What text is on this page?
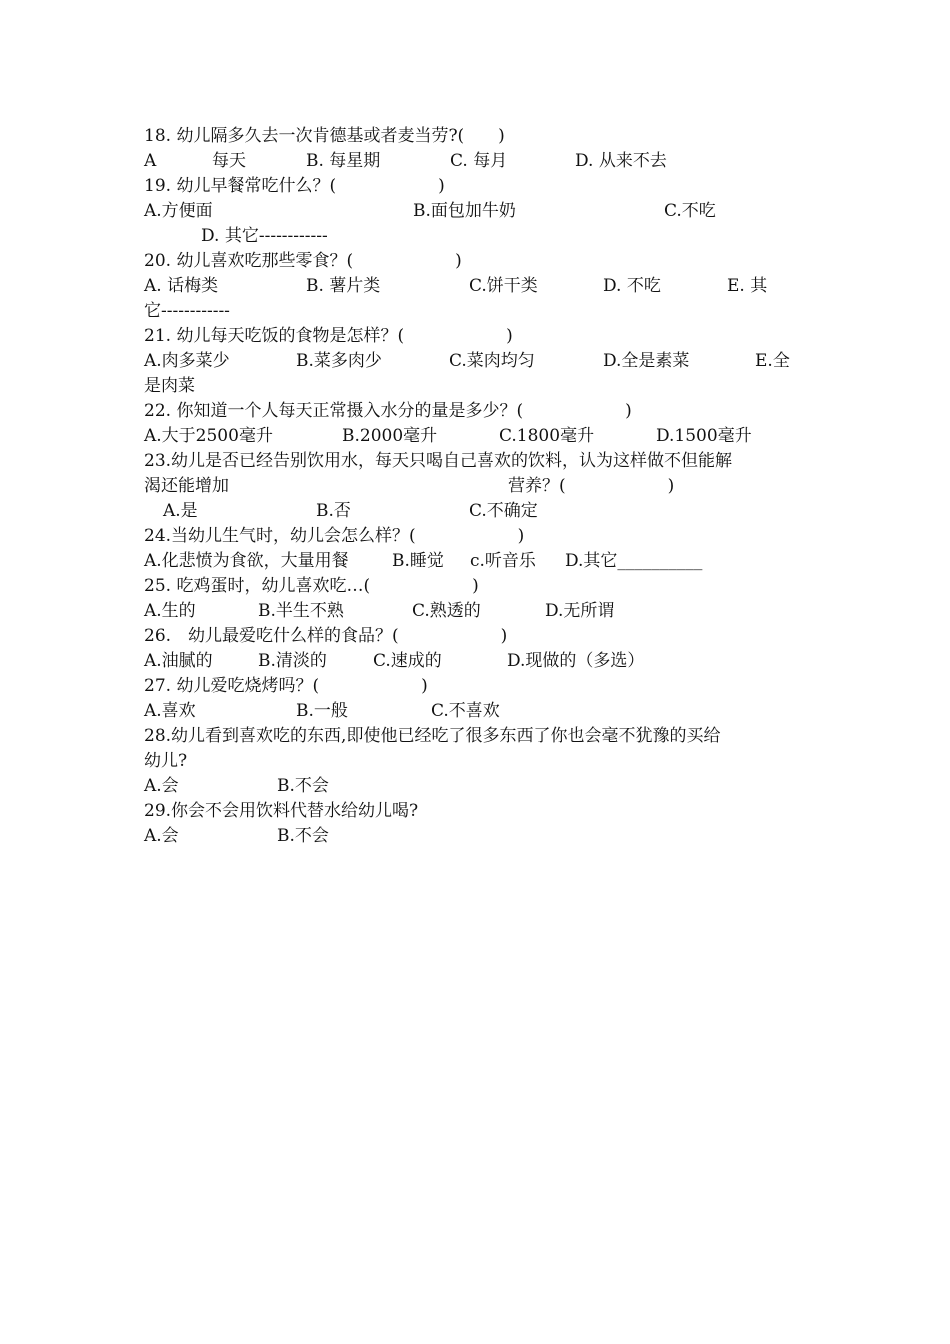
18. 幼儿隔多久去一次肯德基或者麦当劳?(　　)

A

	每天

	B. 每星期

	C. 每月

	D. 从来不去

19. 幼儿早餐常吃什么？(　　　　　　)

A.方便面

	B.面包加牛奶

	C.不吃

D. 其它------------

20. 幼儿喜欢吃那些零食？(　　　　　　)

A. 话梅类

	B. 薯片类

	C.饼干类

	D. 不吃

	E. 其

它------------
21. 幼儿每天吃饭的食物是怎样？(　　　　　　)

A.肉多菜少

	B.菜多肉少

	C.菜肉均匀

	D.全是素菜

	E.全

是肉菜
22. 你知道一个人每天正常摄入水分的量是多少？(　　　　　　)

A.大于2500毫升

	B.2000毫升

	C.1800毫升

	D.1500毫升

23.幼儿是否已经告别饮用水，每天只喝自己喜欢的饮料，认为这样做不但能解

渴还能增加

	营养？(　　　　　　)

A.是

	B.否

	C.不确定

24.当幼儿生气时，幼儿会怎么样？(　　　　　　)

A.化悲愤为食欲，大量用餐

	B.睡觉

c.听音乐

D.其它__________

25. 吃鸡蛋时，幼儿喜欢吃…(　　　　　　)

A.生的

	B.半生不熟

	C.熟透的

	D.无所谓

26.　幼儿最爱吃什么样的食品？(　　　　　　)

A.油腻的

	B.清淡的

	C.速成的

	D.现做的（多选）

27. 幼儿爱吃烧烤吗？(　　　　　　)

A.喜欢

	B.一般

	C.不喜欢

28.幼儿看到喜欢吃的东西,即使他已经吃了很多东西了你也会毫不犹豫的买给
幼儿?

A.会

	B.不会

29.你会不会用饮料代替水给幼儿喝?

A.会

	B.不会
